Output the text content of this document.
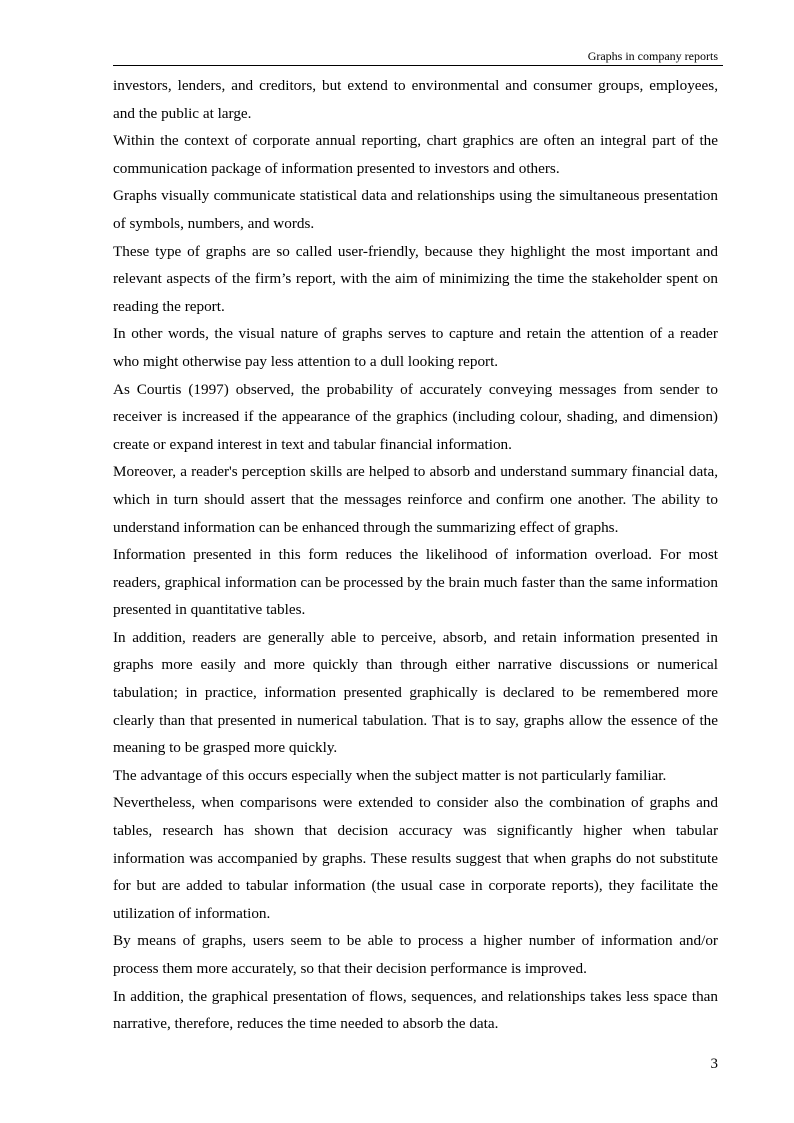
Graphs in company reports

investors, lenders, and creditors, but extend to environmental and consumer groups, employees, and the public at large.

Within the context of corporate annual reporting, chart graphics are often an integral part of the communication package of information presented to investors and others.

Graphs visually communicate statistical data and relationships using the simultaneous presentation of symbols, numbers, and words.

These type of graphs are so called user-friendly, because they highlight the most important and relevant aspects of the firm’s report, with the aim of minimizing the time the stakeholder spent on reading the report.

In other words, the visual nature of graphs serves to capture and retain the attention of a reader who might otherwise pay less attention to a dull looking report.

As Courtis (1997) observed, the probability of accurately conveying messages from sender to receiver is increased if the appearance of the graphics (including colour, shading, and dimension) create or expand interest in text and tabular financial information.

Moreover, a reader's perception skills are helped to absorb and understand summary financial data, which in turn should assert that the messages reinforce and confirm one another. The ability to understand information can be enhanced through the summarizing effect of graphs.

Information presented in this form reduces the likelihood of information overload. For most readers, graphical information can be processed by the brain much faster than the same information presented in quantitative tables.

In addition, readers are generally able to perceive, absorb, and retain information presented in graphs more easily and more quickly than through either narrative discussions or numerical tabulation; in practice, information presented graphically is declared to be remembered more clearly than that presented in numerical tabulation. That is to say, graphs allow the essence of the meaning to be grasped more quickly.

The advantage of this occurs especially when the subject matter is not particularly familiar.

Nevertheless, when comparisons were extended to consider also the combination of graphs and tables, research has shown that decision accuracy was significantly higher when tabular information was accompanied by graphs. These results suggest that when graphs do not substitute for but are added to tabular information (the usual case in corporate reports), they facilitate the utilization of information.

By means of graphs, users seem to be able to process a higher number of information and/or process them more accurately, so that their decision performance is improved.

In addition, the graphical presentation of flows, sequences, and relationships takes less space than narrative, therefore, reduces the time needed to absorb the data.

3
